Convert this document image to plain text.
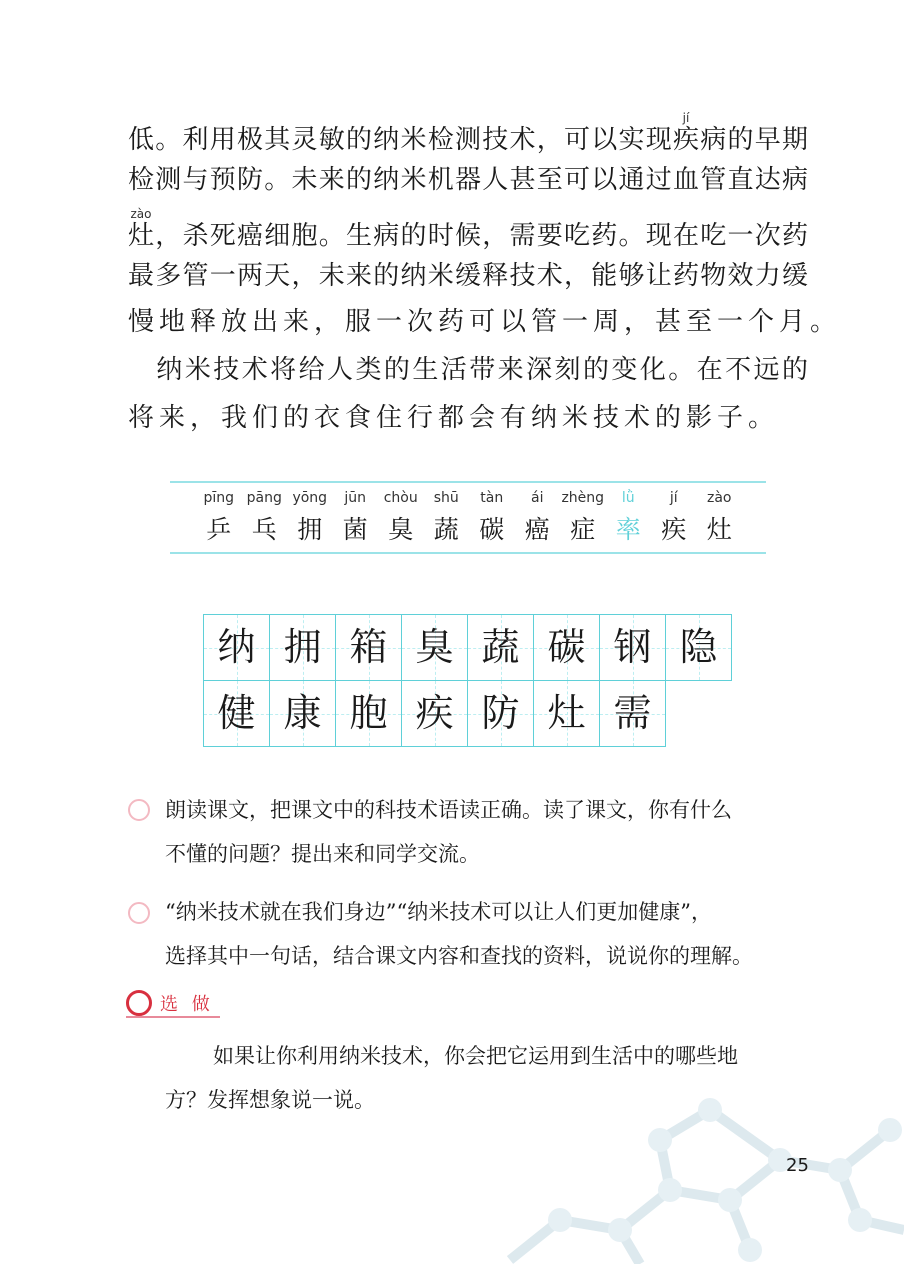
低。利用极其灵敏的纳米检测技术，可以实现疾jí病的早期
检测与预防。未来的纳米机器人甚至可以通过血管直达病
灶zào，杀死癌细胞。生病的时候，需要吃药。现在吃一次药
最多管一两天，未来的纳米缓释技术，能够让药物效力缓
慢地释放出来，服一次药可以管一周，甚至一个月。
　纳米技术将给人类的生活带来深刻的变化。在不远的
将来，我们的衣食住行都会有纳米技术的影子。
pīng
乒
pāng
乓
yōng
拥
jūn
菌
chòu
臭
shū
蔬
tàn
碳
ái
癌
zhèng
症
lǜ
率
jí
疾
zào
灶
纳 拥 箱 臭 蔬 碳 钢 隐
健 康 胞 疾 防 灶 需
朗读课文，把课文中的科技术语读正确。读了课文，你有什么
不懂的问题？提出来和同学交流。
“纳米技术就在我们身边”“纳米技术可以让人们更加健康”，
选择其中一句话，结合课文内容和查找的资料，说说你的理解。
选 做
如果让你利用纳米技术，你会把它运用到生活中的哪些地
方？发挥想象说一说。
25
